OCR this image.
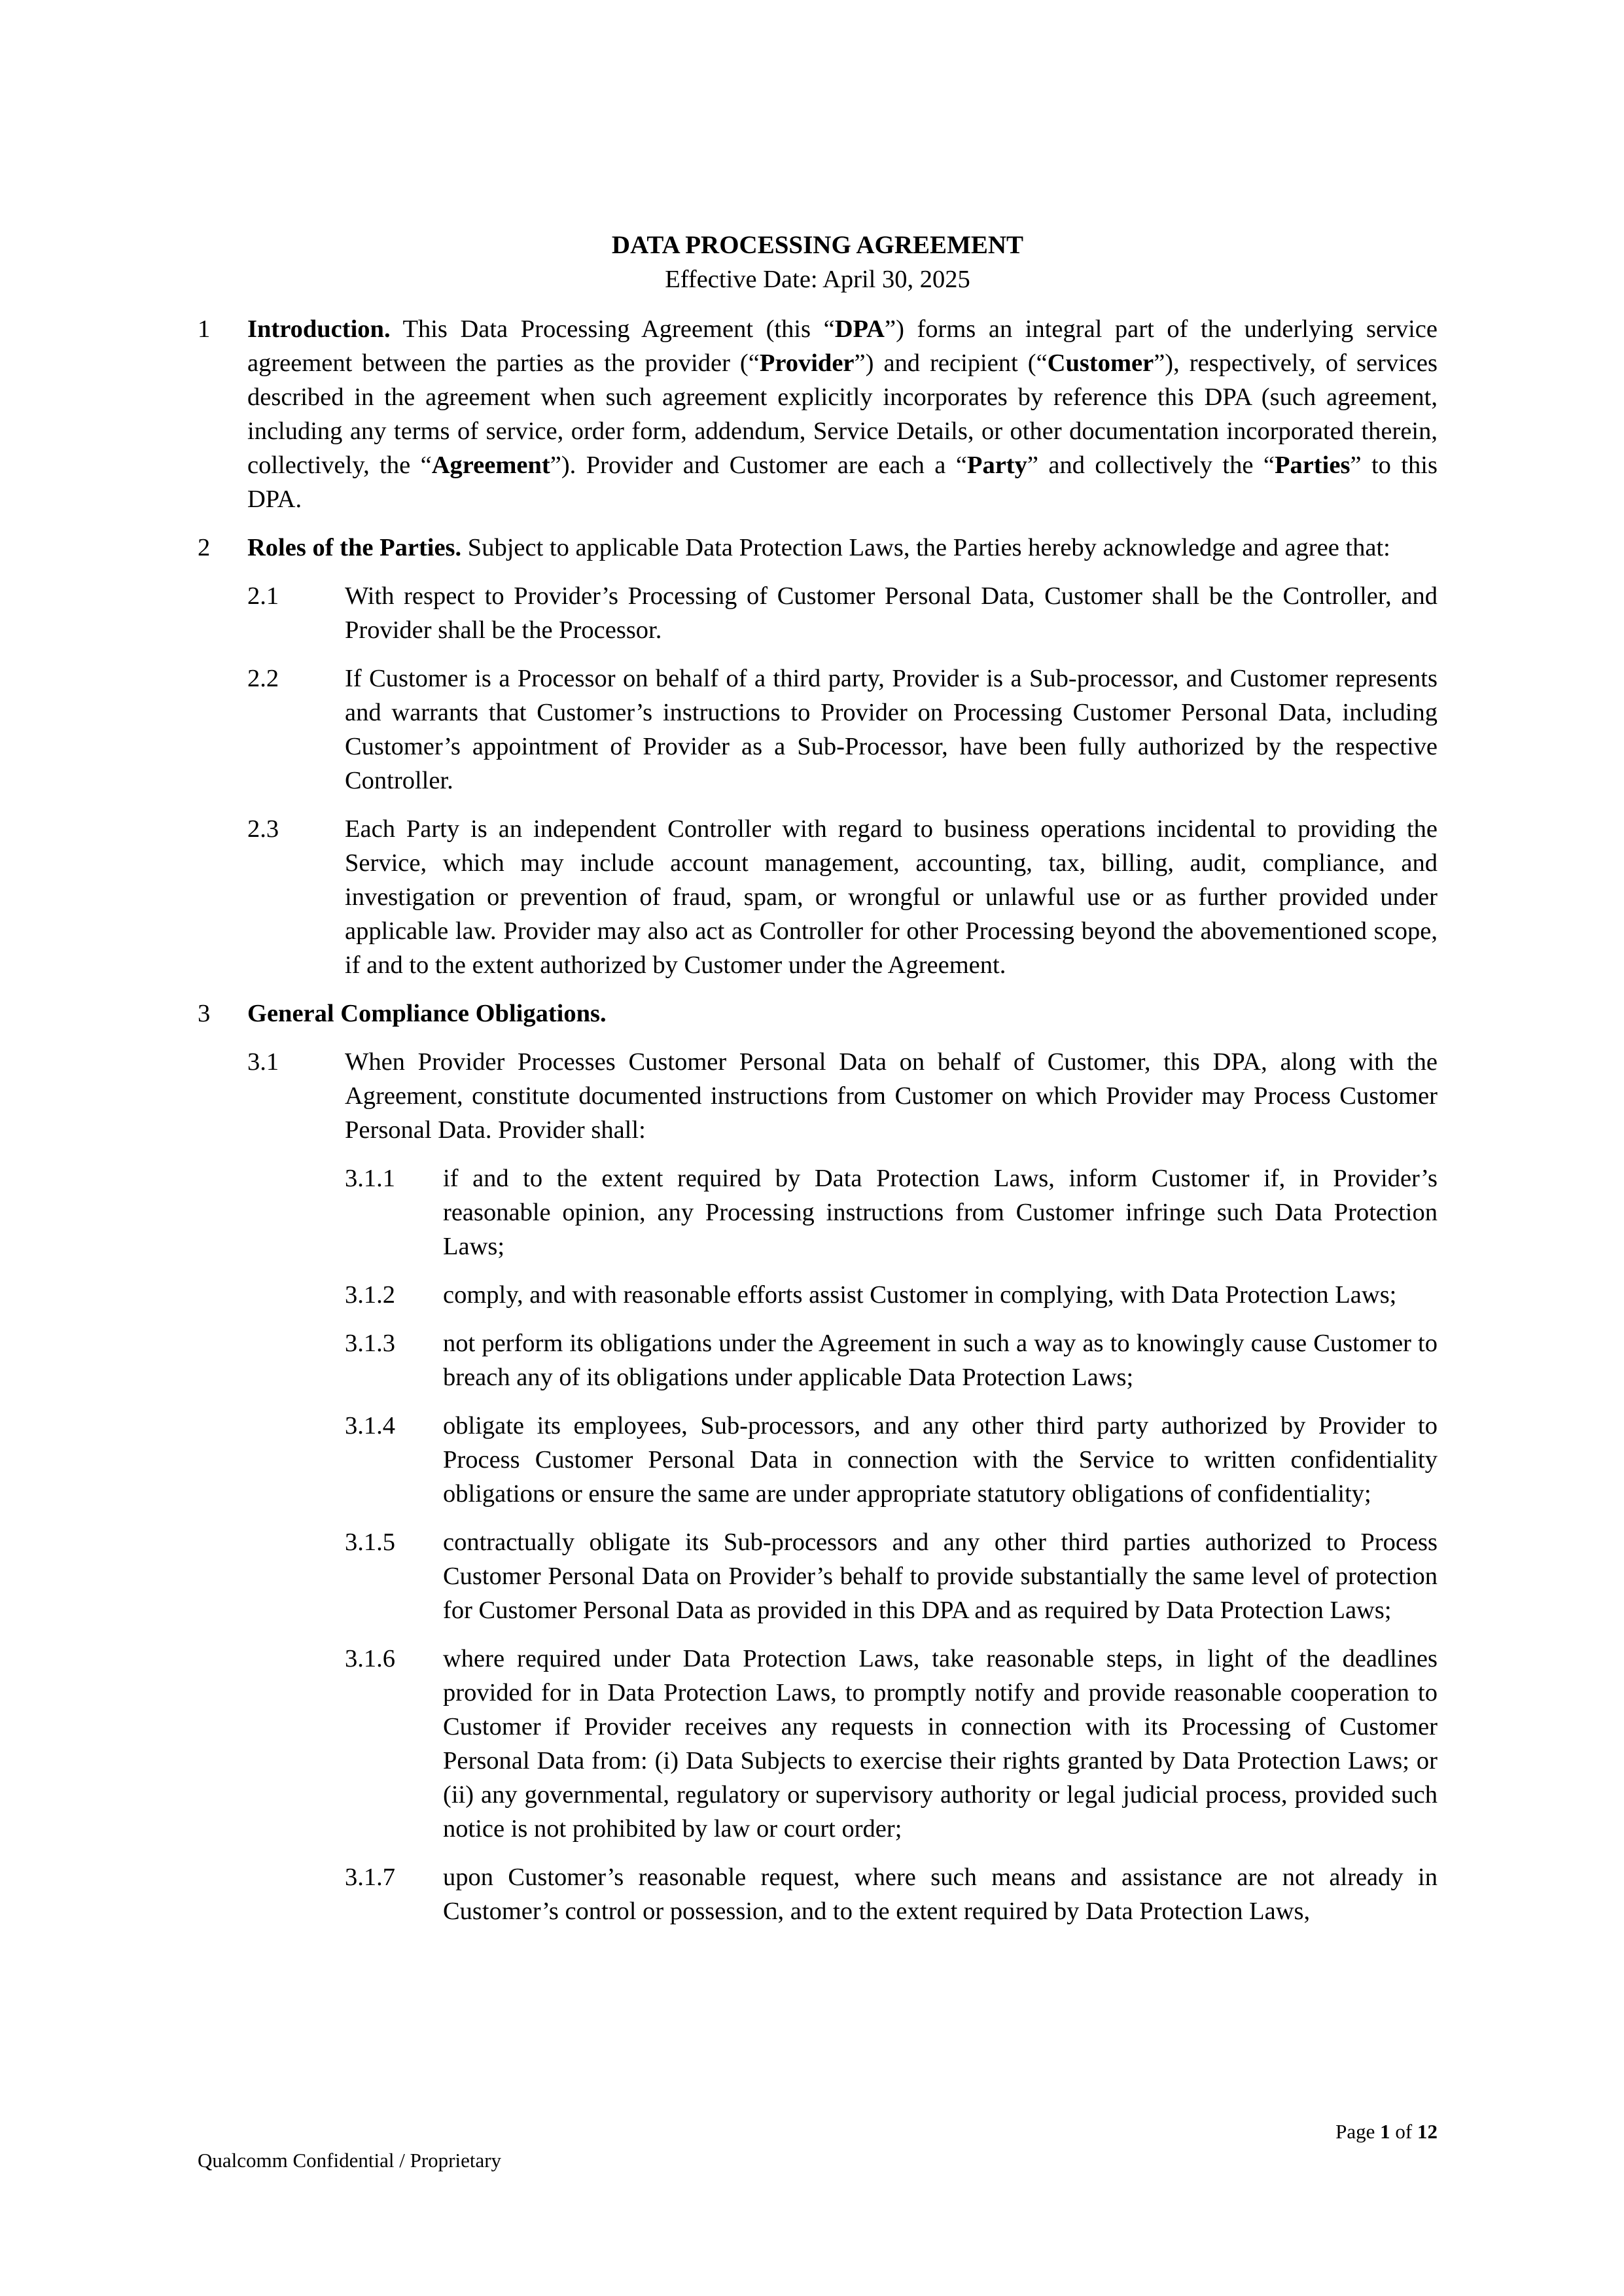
DATA PROCESSING AGREEMENT
Effective Date: April 30, 2025
1 Introduction. This Data Processing Agreement (this “DPA”) forms an integral part of the underlying service agreement between the parties as the provider (“Provider”) and recipient (“Customer”), respectively, of services described in the agreement when such agreement explicitly incorporates by reference this DPA (such agreement, including any terms of service, order form, addendum, Service Details, or other documentation incorporated therein, collectively, the “Agreement”). Provider and Customer are each a “Party” and collectively the “Parties” to this DPA.

2 Roles of the Parties. Subject to applicable Data Protection Laws, the Parties hereby acknowledge and agree that:

2.1	With respect to Provider’s Processing of Customer Personal Data, Customer shall be the Controller, and Provider shall be the Processor.

2.2	If Customer is a Processor on behalf of a third party, Provider is a Sub-processor, and Customer represents and warrants that Customer’s instructions to Provider on Processing Customer Personal Data, including Customer’s appointment of Provider as a Sub-Processor, have been fully authorized by the respective Controller.

2.3	Each Party is an independent Controller with regard to business operations incidental to providing the Service, which may include account management, accounting, tax, billing, audit, compliance, and investigation or prevention of fraud, spam, or wrongful or unlawful use or as further provided under applicable law. Provider may also act as Controller for other Processing beyond the abovementioned scope, if and to the extent authorized by Customer under the Agreement.

3 General Compliance Obligations.

3.1	When Provider Processes Customer Personal Data on behalf of Customer, this DPA, along with the Agreement, constitute documented instructions from Customer on which Provider may Process Customer Personal Data. Provider shall:

3.1.1 if and to the extent required by Data Protection Laws, inform Customer if, in Provider’s reasonable opinion, any Processing instructions from Customer infringe such Data Protection Laws;

3.1.2 comply, and with reasonable efforts assist Customer in complying, with Data Protection Laws;

3.1.3 not perform its obligations under the Agreement in such a way as to knowingly cause Customer to breach any of its obligations under applicable Data Protection Laws;

3.1.4 obligate its employees, Sub-processors, and any other third party authorized by Provider to Process Customer Personal Data in connection with the Service to written confidentiality obligations or ensure the same are under appropriate statutory obligations of confidentiality;

3.1.5 contractually obligate its Sub-processors and any other third parties authorized to Process Customer Personal Data on Provider’s behalf to provide substantially the same level of protection for Customer Personal Data as provided in this DPA and as required by Data Protection Laws;

3.1.6 where required under Data Protection Laws, take reasonable steps, in light of the deadlines provided for in Data Protection Laws, to promptly notify and provide reasonable cooperation to Customer if Provider receives any requests in connection with its Processing of Customer Personal Data from: (i) Data Subjects to exercise their rights granted by Data Protection Laws; or (ii) any governmental, regulatory or supervisory authority or legal judicial process, provided such notice is not prohibited by law or court order;

3.1.7 upon Customer’s reasonable request, where such means and assistance are not already in Customer’s control or possession, and to the extent required by Data Protection Laws,

Page 1 of 12
Qualcomm Confidential / Proprietary
